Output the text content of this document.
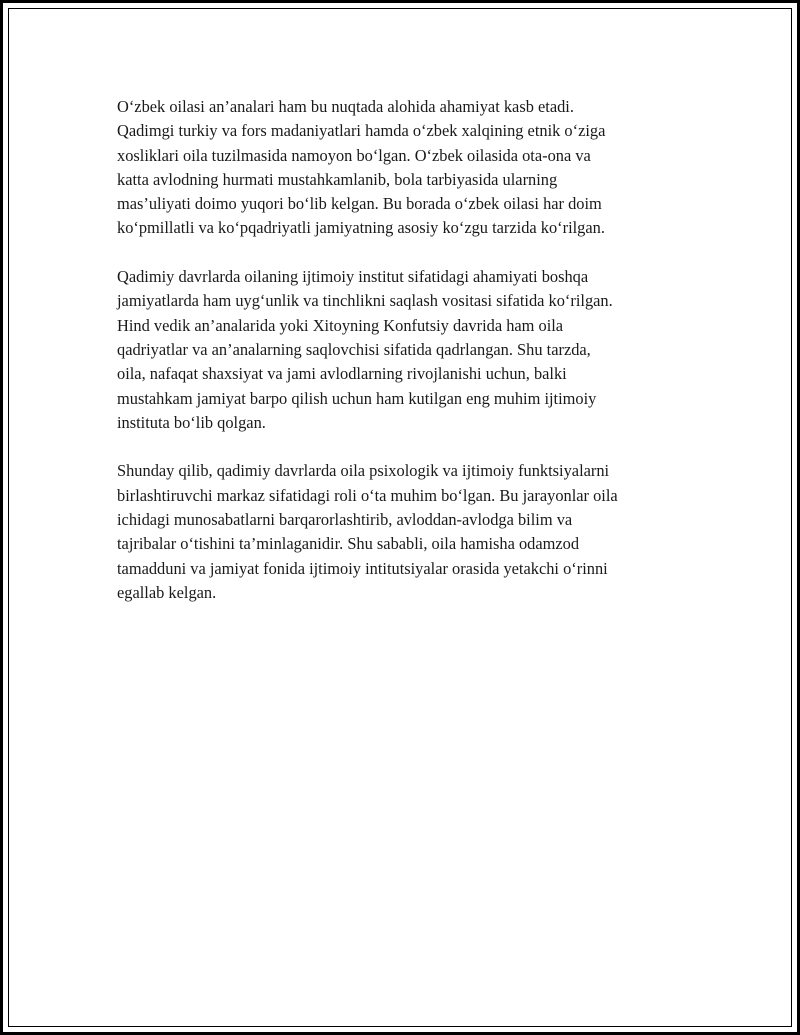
O‘zbek oilasi an’analari ham bu nuqtada alohida ahamiyat kasb etadi.
Qadimgi turkiy va fors madaniyatlari hamda o‘zbek xalqining etnik o‘ziga
xosliklari oila tuzilmasida namoyon bo‘lgan. O‘zbek oilasida ota-ona va
katta avlodning hurmati mustahkamlanib, bola tarbiyasida ularning
mas’uliyati doimo yuqori bo‘lib kelgan. Bu borada o‘zbek oilasi har doim
ko‘pmillatli va ko‘pqadriyatli jamiyatning asosiy ko‘zgu tarzida ko‘rilgan.

Qadimiy davrlarda oilaning ijtimoiy institut sifatidagi ahamiyati boshqa
jamiyatlarda ham uyg‘unlik va tinchlikni saqlash vositasi sifatida ko‘rilgan.
Hind vedik an’analarida yoki Xitoyning Konfutsiy davrida ham oila
qadriyatlar va an’analarning saqlovchisi sifatida qadrlangan. Shu tarzda,
oila, nafaqat shaxsiyat va jami avlodlarning rivojlanishi uchun, balki
mustahkam jamiyat barpo qilish uchun ham kutilgan eng muhim ijtimoiy
instituta bo‘lib qolgan.

Shunday qilib, qadimiy davrlarda oila psixologik va ijtimoiy funktsiyalarni
birlashtiruvchi markaz sifatidagi roli o‘ta muhim bo‘lgan. Bu jarayonlar oila
ichidagi munosabatlarni barqarorlashtirib, avloddan-avlodga bilim va
tajribalar o‘tishini ta’minlaganidir. Shu sababli, oila hamisha odamzod
tamadduni va jamiyat fonida ijtimoiy intitutsiyalar orasida yetakchi o‘rinni
egallab kelgan.
